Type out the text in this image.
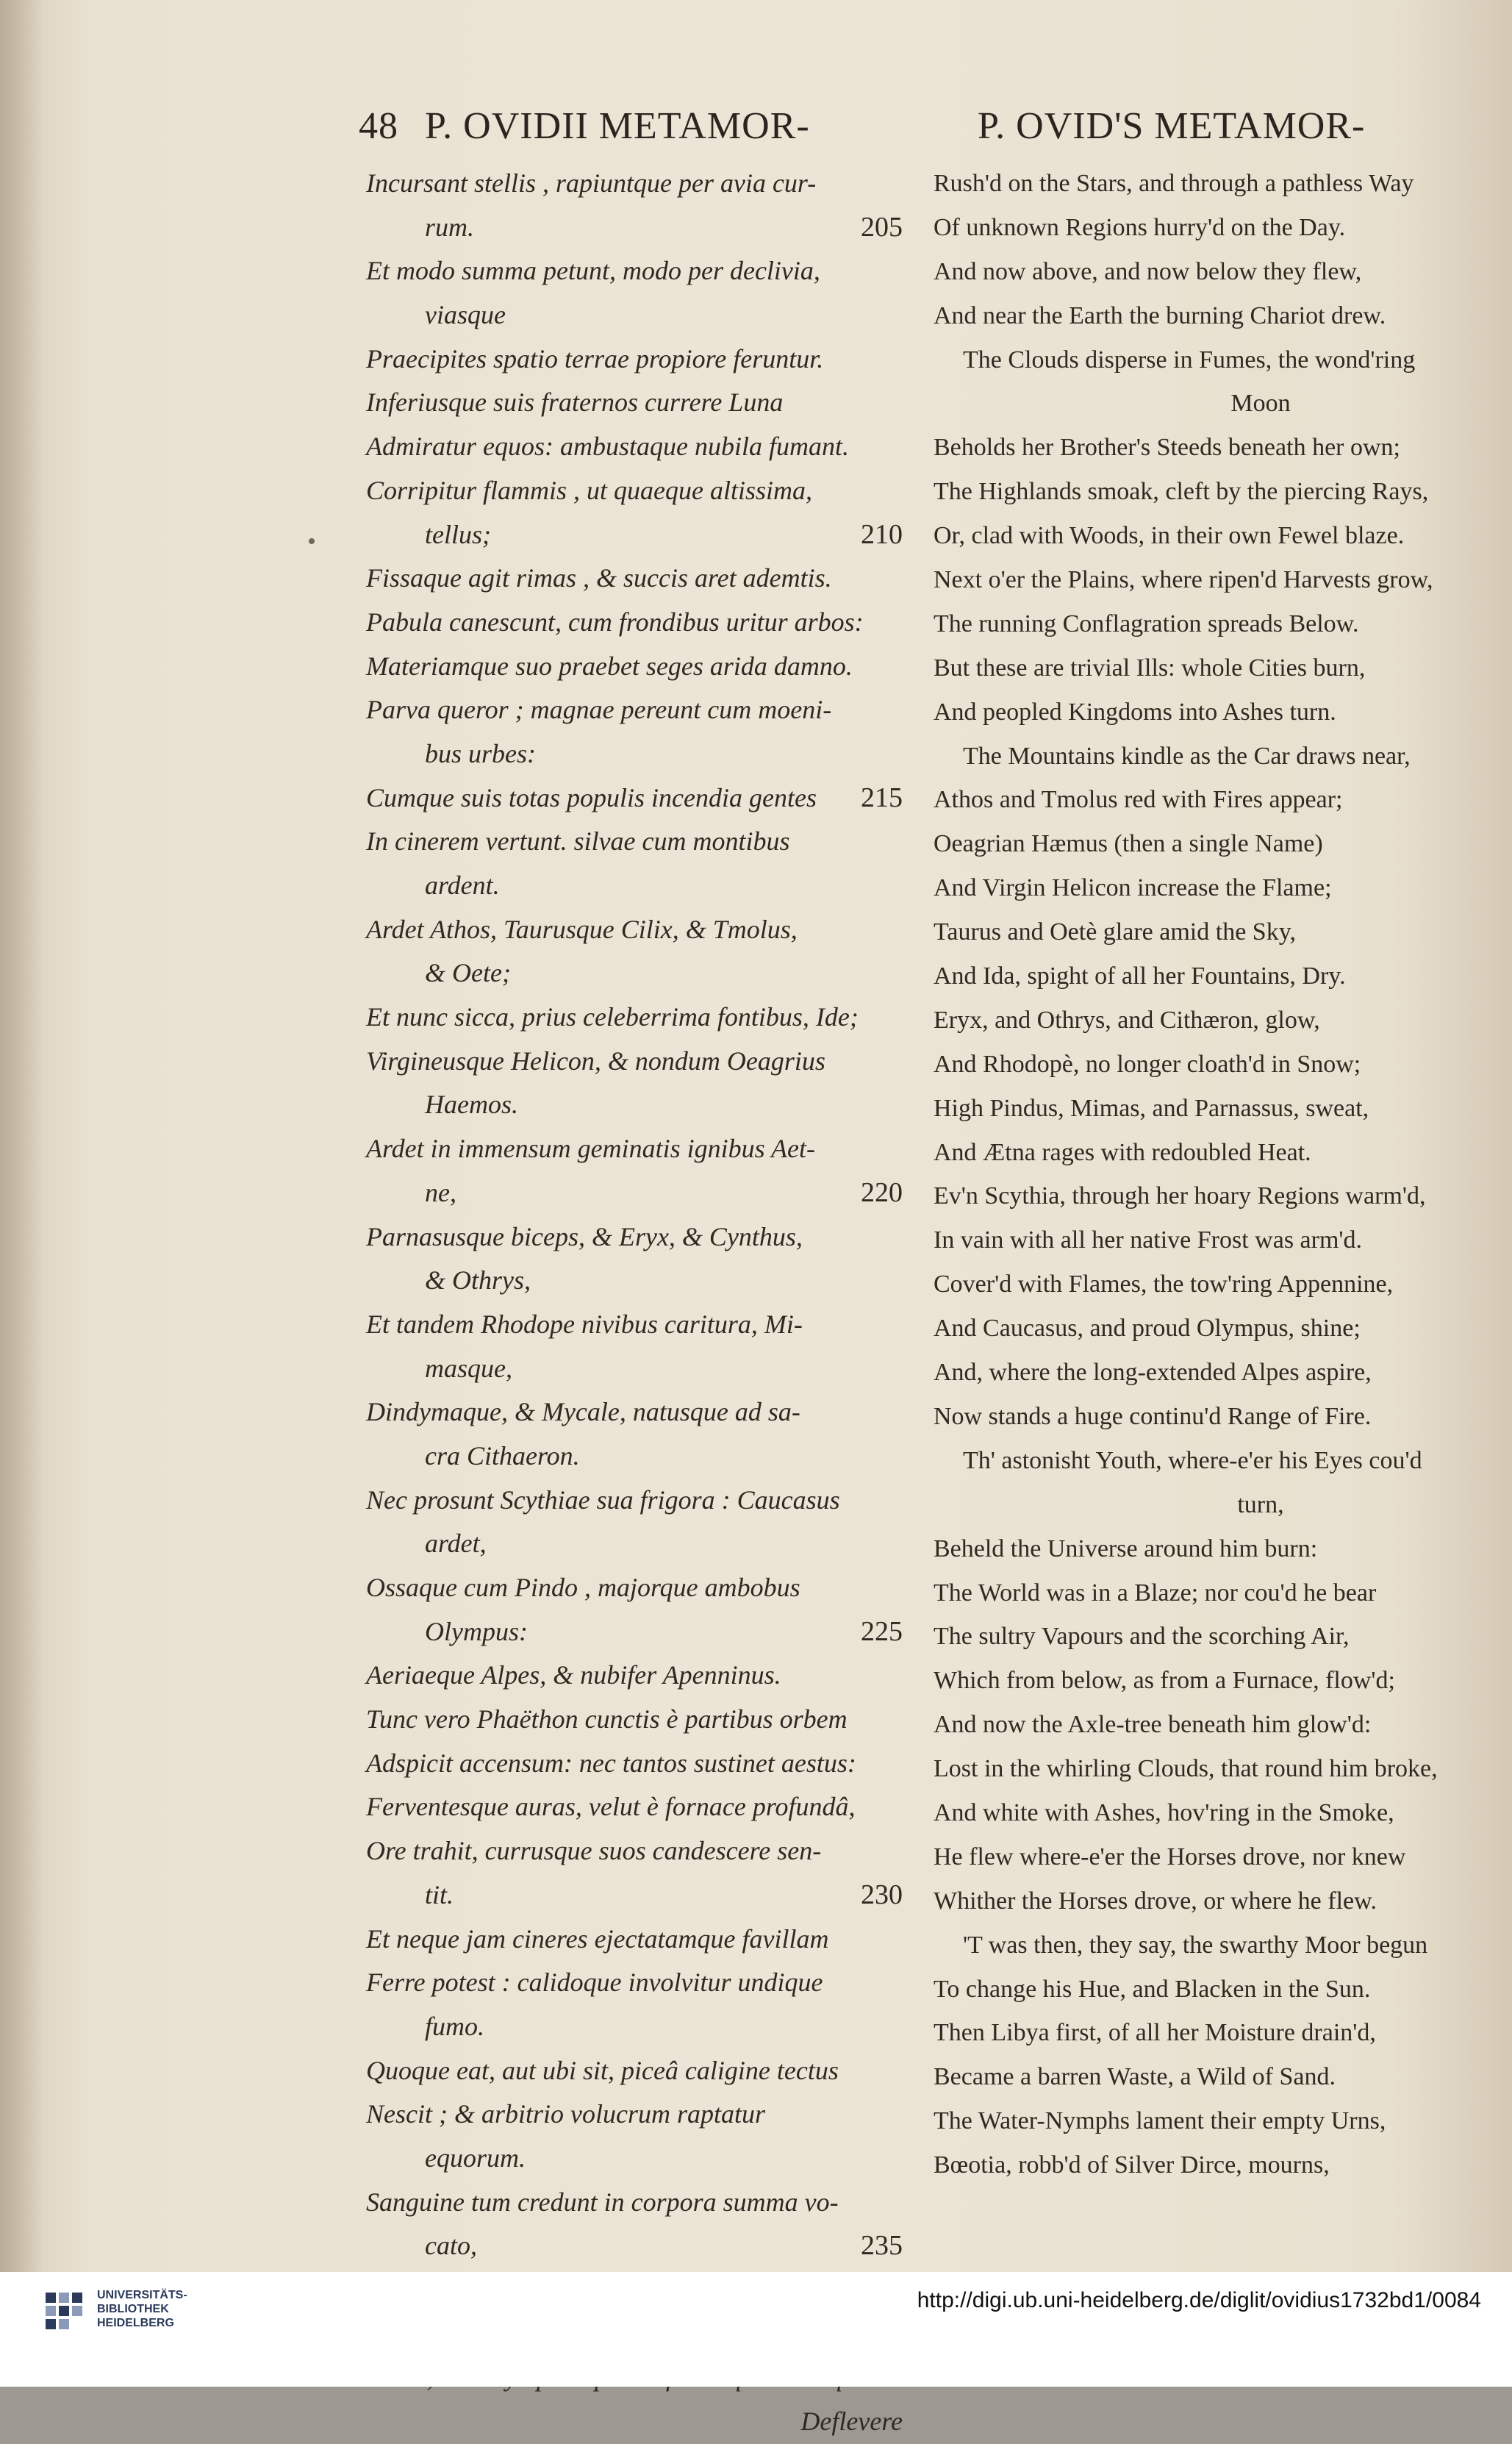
48 P. OVIDII METAMOR-	P. OVID'S METAMOR-
Incursant stellis , rapiuntque per avia cur-
rum.	205
Et modo summa petunt, modo per declivia,
viasque
Praecipites spatio terrae propiore feruntur.
Inferiusque suis fraternos currere Luna
Admiratur equos: ambustaque nubila fumant.
Corripitur flammis , ut quaeque altissima,
tellus;	210
Fissaque agit rimas , & succis aret ademtis.
Pabula canescunt, cum frondibus uritur arbos:
Materiamque suo praebet seges arida damno.
Parva queror ; magnae pereunt cum moeni-
bus urbes:
Cumque suis totas populis incendia gentes 215
In cinerem vertunt. silvae cum montibus
ardent.
Ardet Athos, Taurusque Cilix, & Tmolus,
& Oete;
Et nunc sicca, prius celeberrima fontibus, Ide;
Virgineusque Helicon, & nondum Oeagrius
Haemos.
Ardet in immensum geminatis ignibus Aet-
ne,	220
Parnasusque biceps, & Eryx, & Cynthus,
& Othrys,
Et tandem Rhodope nivibus caritura, Mi-
masque,
Dindymaque, & Mycale, natusque ad sa-
cra Cithaeron.
Nec prosunt Scythiae sua frigora : Caucasus
ardet,
Ossaque cum Pindo , majorque ambobus
Olympus:	225
Aeriaeque Alpes, & nubifer Apenninus.
Tunc vero Phaëthon cunctis è partibus orbem
Adspicit accensum: nec tantos sustinet aestus:
Ferventesque auras, velut è fornace profundâ,
Ore trahit, currusque suos candescere sen-
tit.	230
Et neque jam cineres ejectatamque favillam
Ferre potest : calidoque involvitur undique
fumo.
Quoque eat, aut ubi sit, piceâ caligine tectus
Nescit ; & arbitrio volucrum raptatur
equorum.
Sanguine tum credunt in corpora summa vo-
cato,	235
Deflevere
Rush'd on the Stars, and through a pathless Way
Of unknown Regions hurry'd on the Day.
And now above, and now below they flew,
And near the Earth the burning Chariot drew.
The Clouds disperse in Fumes, the wond'ring
Moon
Beholds her Brother's Steeds beneath her own;
The Highlands smoak, cleft by the piercing Rays,
Or, clad with Woods, in their own Fewel blaze.
Next o'er the Plains, where ripen'd Harvests grow,
The running Conflagration spreads Below.
But these are trivial Ills: whole Cities burn,
And peopled Kingdoms into Ashes turn.
The Mountains kindle as the Car draws near,
Athos and Tmolus red with Fires appear;
Oeagrian Hæmus (then a single Name)
And Virgin Helicon increase the Flame;
Taurus and Oetè glare amid the Sky,
And Ida, spight of all her Fountains, Dry.
Eryx, and Othrys, and Cithæron, glow,
And Rhodopè, no longer cloath'd in Snow;
High Pindus, Mimas, and Parnassus, sweat,
And Ætna rages with redoubled Heat.
Ev'n Scythia, through her hoary Regions warm'd,
In vain with all her native Frost was arm'd.
Cover'd with Flames, the tow'ring Appennine,
And Caucasus, and proud Olympus, shine;
And, where the long-extended Alpes aspire,
Now stands a huge continu'd Range of Fire.
Th' astonisht Youth, where-e'er his Eyes cou'd
turn,
Beheld the Universe around him burn:
The World was in a Blaze; nor cou'd he bear
The sultry Vapours and the scorching Air,
Which from below, as from a Furnace, flow'd;
And now the Axle-tree beneath him glow'd:
Lost in the whirling Clouds, that round him broke,
And white with Ashes, hov'ring in the Smoke,
He flew where-e'er the Horses drove, nor knew
Whither the Horses drove, or where he flew.
'T was then, they say, the swarthy Moor begun
To change his Hue, and Blacken in the Sun.
Then Libya first, of all her Moisture drain'd,
Became a barren Waste, a Wild of Sand.
The Water-Nymphs lament their empty Urns,
Bœotia, robb'd of Silver Dirce, mourns,
UNIVERSITÄTS-
BIBLIOTHEK
HEIDELBERG
http://digi.ub.uni-heidelberg.de/diglit/ovidius1732bd1/0084
